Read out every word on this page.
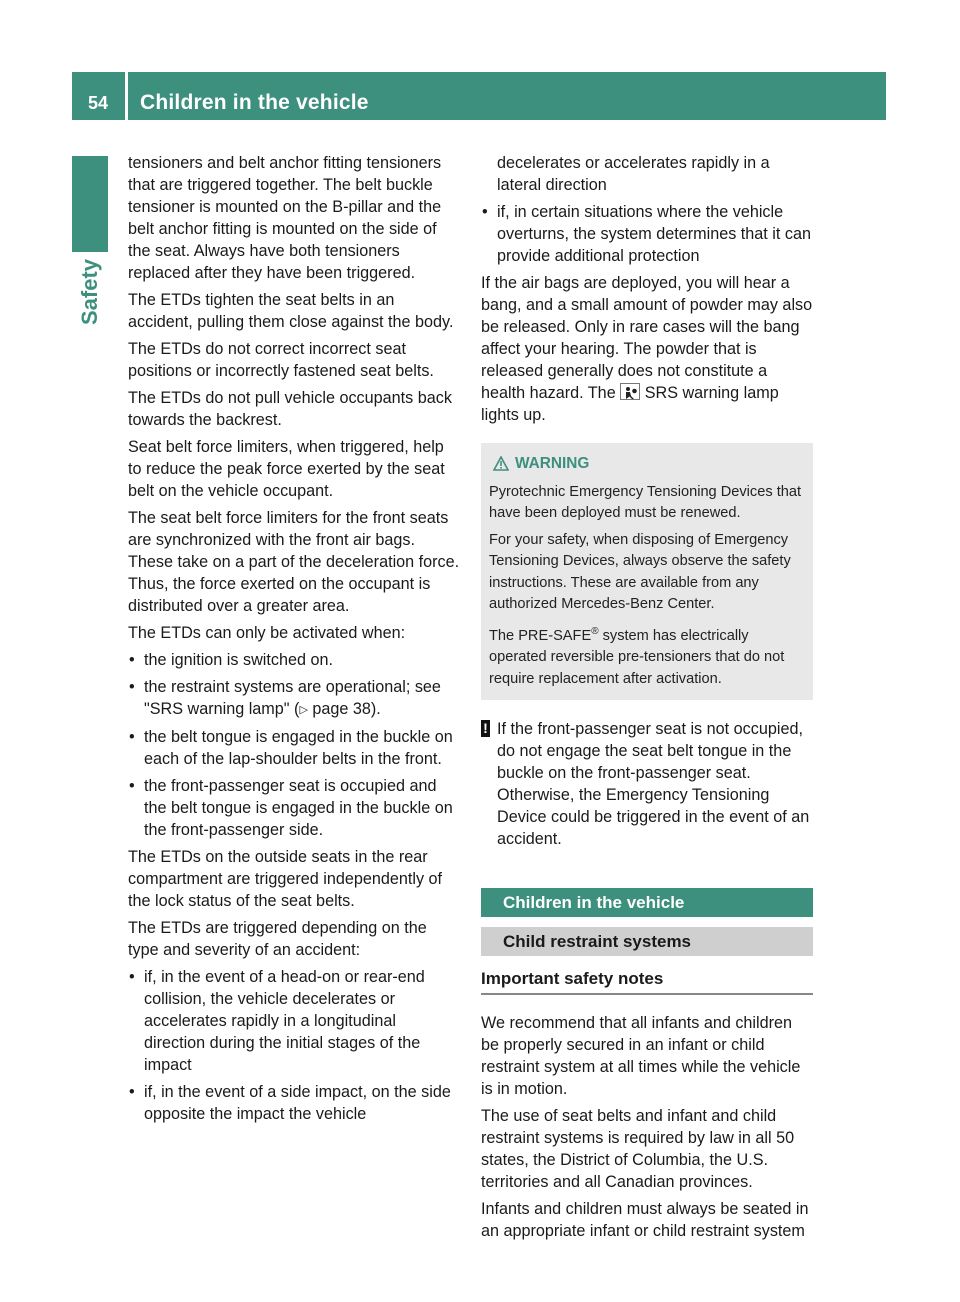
54	Children in the vehicle
Safety

tensioners and belt anchor fitting tensioners that are triggered together. The belt buckle tensioner is mounted on the B-pillar and the belt anchor fitting is mounted on the side of the seat. Always have both tensioners replaced after they have been triggered.

The ETDs tighten the seat belts in an accident, pulling them close against the body.

The ETDs do not correct incorrect seat positions or incorrectly fastened seat belts.

The ETDs do not pull vehicle occupants back towards the backrest.

Seat belt force limiters, when triggered, help to reduce the peak force exerted by the seat belt on the vehicle occupant.

The seat belt force limiters for the front seats are synchronized with the front air bags. These take on a part of the deceleration force. Thus, the force exerted on the occupant is distributed over a greater area.

The ETDs can only be activated when:

• the ignition is switched on.
• the restraint systems are operational; see "SRS warning lamp" (▷ page 38).
• the belt tongue is engaged in the buckle on each of the lap-shoulder belts in the front.
• the front-passenger seat is occupied and the belt tongue is engaged in the buckle on the front-passenger side.

The ETDs on the outside seats in the rear compartment are triggered independently of the lock status of the seat belts.

The ETDs are triggered depending on the type and severity of an accident:

• if, in the event of a head-on or rear-end collision, the vehicle decelerates or accelerates rapidly in a longitudinal direction during the initial stages of the impact
• if, in the event of a side impact, on the side opposite the impact the vehicle
decelerates or accelerates rapidly in a lateral direction
• if, in certain situations where the vehicle overturns, the system determines that it can provide additional protection

If the air bags are deployed, you will hear a bang, and a small amount of powder may also be released. Only in rare cases will the bang affect your hearing. The powder that is released generally does not constitute a health hazard. The  SRS warning lamp lights up.

WARNING

Pyrotechnic Emergency Tensioning Devices that have been deployed must be renewed.

For your safety, when disposing of Emergency Tensioning Devices, always observe the safety instructions. These are available from any authorized Mercedes-Benz Center.

The PRE-SAFE® system has electrically operated reversible pre-tensioners that do not require replacement after activation.

! If the front-passenger seat is not occupied, do not engage the seat belt tongue in the buckle on the front-passenger seat. Otherwise, the Emergency Tensioning Device could be triggered in the event of an accident.
Children in the vehicle
Child restraint systems
Important safety notes

We recommend that all infants and children be properly secured in an infant or child restraint system at all times while the vehicle is in motion.

The use of seat belts and infant and child restraint systems is required by law in all 50 states, the District of Columbia, the U.S. territories and all Canadian provinces.

Infants and children must always be seated in an appropriate infant or child restraint system
